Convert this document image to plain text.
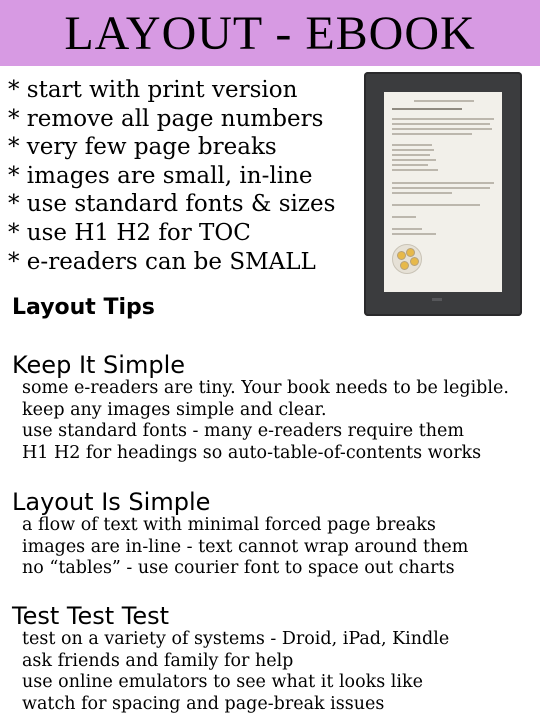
LAYOUT - EBOOK
* start with print version
* remove all page numbers
* very few page breaks
* images are small, in-line
* use standard fonts & sizes
* use H1 H2 for TOC
* e-readers can be SMALL
Layout Tips
Keep It Simple
some e-readers are tiny. Your book needs to be legible.
keep any images simple and clear.
use standard fonts - many e-readers require them
H1 H2 for headings so auto-table-of-contents works
Layout Is Simple
a flow of text with minimal forced page breaks
images are in-line - text cannot wrap around them
no “tables” - use courier font to space out charts
Test Test Test
test on a variety of systems - Droid, iPad, Kindle
ask friends and family for help
use online emulators to see what it looks like
watch for spacing and page-break issues
